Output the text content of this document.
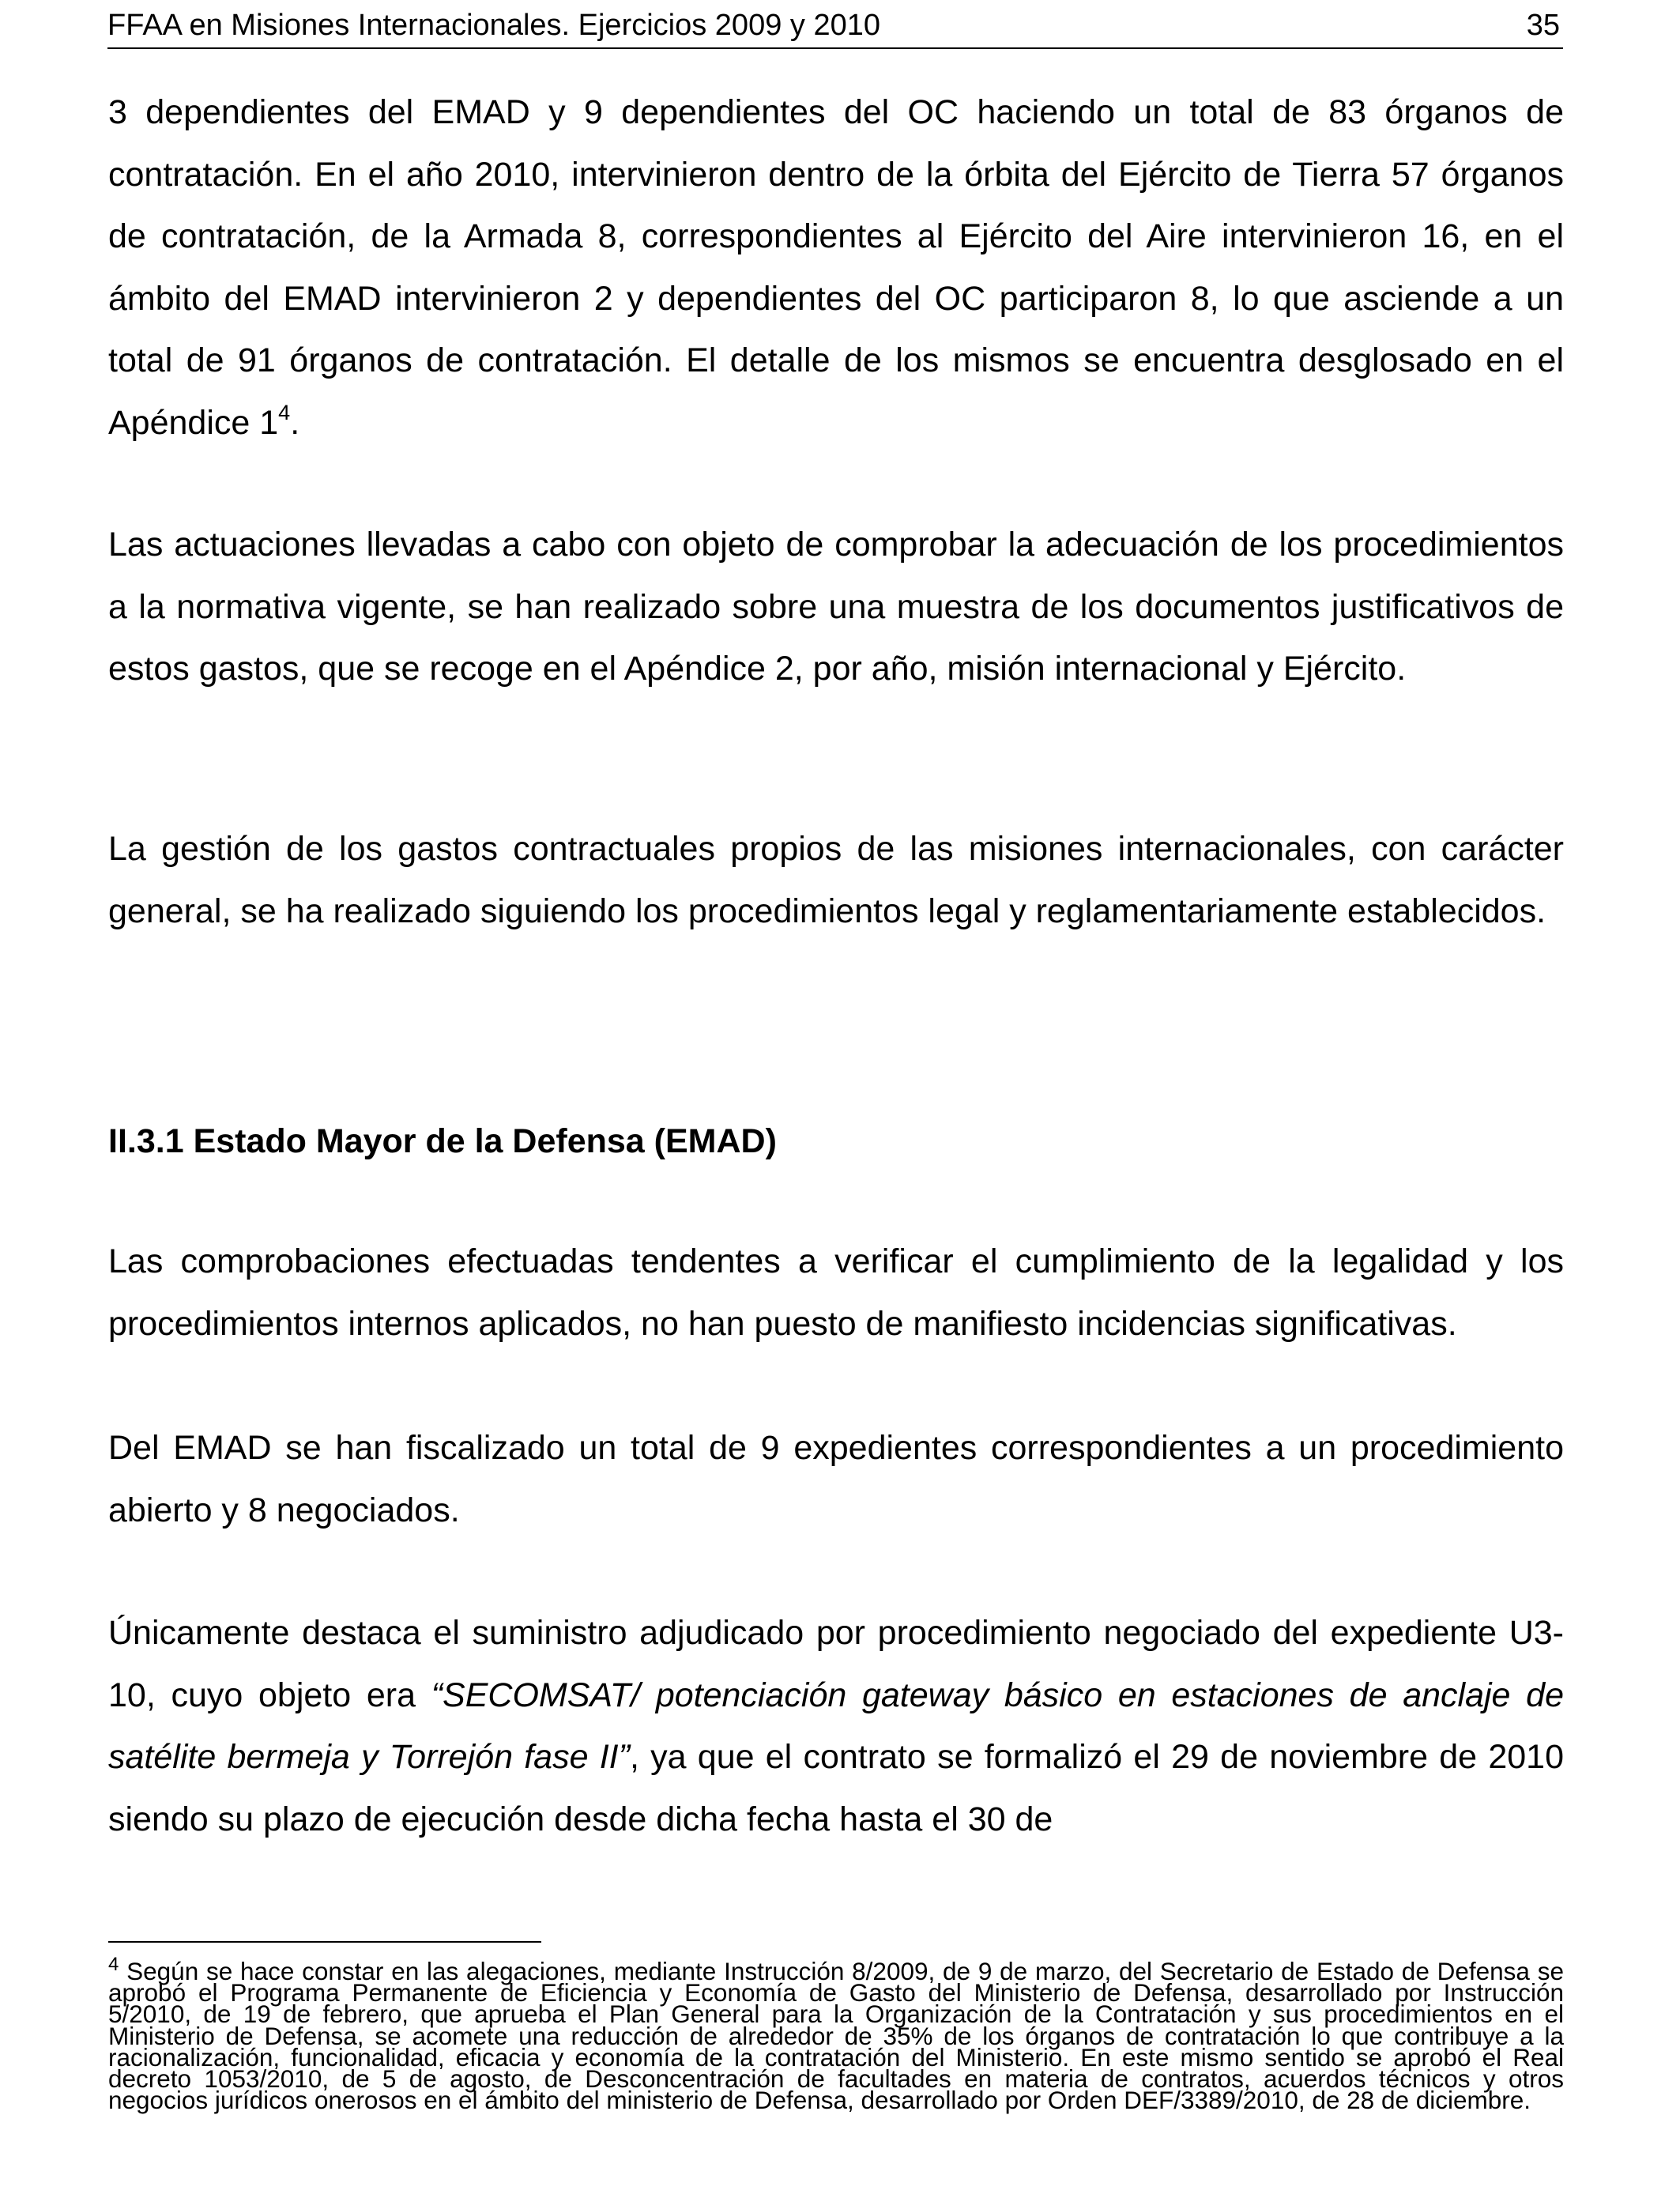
FFAA en Misiones Internacionales. Ejercicios 2009 y 2010	35

3 dependientes del EMAD y 9 dependientes del OC haciendo un total de 83 órganos de contratación. En el año 2010, intervinieron dentro de la órbita del Ejército de Tierra 57 órganos de contratación, de la Armada 8, correspondientes al Ejército del Aire intervinieron 16, en el ámbito del EMAD intervinieron 2 y dependientes del OC participaron 8, lo que asciende a un total de 91 órganos de contratación. El detalle de los mismos se encuentra desglosado en el Apéndice 1$^4$.

Las actuaciones llevadas a cabo con objeto de comprobar la adecuación de los procedimientos a la normativa vigente, se han realizado sobre una muestra de los documentos justificativos de estos gastos, que se recoge en el Apéndice 2, por año, misión internacional y Ejército.

La gestión de los gastos contractuales propios de las misiones internacionales, con carácter general, se ha realizado siguiendo los procedimientos legal y reglamentariamente establecidos.

II.3.1 Estado Mayor de la Defensa (EMAD)

Las comprobaciones efectuadas tendentes a verificar el cumplimiento de la legalidad y los procedimientos internos aplicados, no han puesto de manifiesto incidencias significativas.

Del EMAD se han fiscalizado un total de 9 expedientes correspondientes a un procedimiento abierto y 8 negociados.

Únicamente destaca el suministro adjudicado por procedimiento negociado del expediente U3-10, cuyo objeto era “SECOMSAT/ potenciación gateway básico en estaciones de anclaje de satélite bermeja y Torrejón fase II”, ya que el contrato se formalizó el 29 de noviembre de 2010 siendo su plazo de ejecución desde dicha fecha hasta el 30 de

$^4$ Según se hace constar en las alegaciones, mediante Instrucción 8/2009, de 9 de marzo, del Secretario de Estado de Defensa se aprobó el Programa Permanente de Eficiencia y Economía de Gasto del Ministerio de Defensa, desarrollado por Instrucción 5/2010, de 19 de febrero, que aprueba el Plan General para la Organización de la Contratación y sus procedimientos en el Ministerio de Defensa, se acomete una reducción de alrededor de 35% de los órganos de contratación lo que contribuye a la racionalización, funcionalidad, eficacia y economía de la contratación del Ministerio. En este mismo sentido se aprobó el Real decreto 1053/2010, de 5 de agosto, de Desconcentración de facultades en materia de contratos, acuerdos técnicos y otros negocios jurídicos onerosos en el ámbito del ministerio de Defensa, desarrollado por Orden DEF/3389/2010, de 28 de diciembre.
